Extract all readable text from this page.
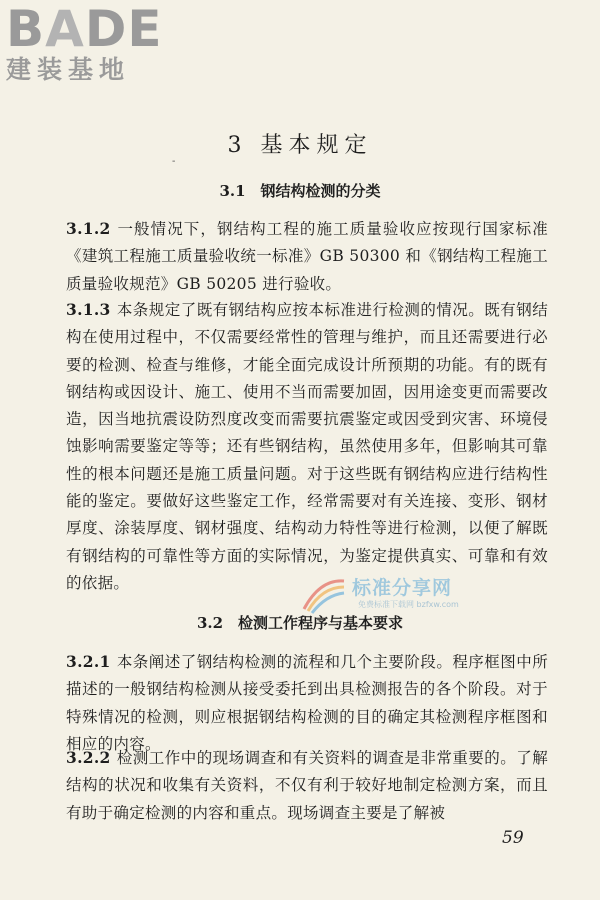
BADE
建装基地
3 基本规定
-
3.1　钢结构检测的分类
3.1.2 一般情况下，钢结构工程的施工质量验收应按现行国家标准《建筑工程施工质量验收统一标准》GB 50300 和《钢结构工程施工质量验收规范》GB 50205 进行验收。
3.1.3 本条规定了既有钢结构应按本标准进行检测的情况。既有钢结构在使用过程中，不仅需要经常性的管理与维护，而且还需要进行必要的检测、检查与维修，才能全面完成设计所预期的功能。有的既有钢结构或因设计、施工、使用不当而需要加固，因用途变更而需要改造，因当地抗震设防烈度改变而需要抗震鉴定或因受到灾害、环境侵蚀影响需要鉴定等等；还有些钢结构，虽然使用多年，但影响其可靠性的根本问题还是施工质量问题。对于这些既有钢结构应进行结构性能的鉴定。要做好这些鉴定工作，经常需要对有关连接、变形、钢材厚度、涂装厚度、钢材强度、结构动力特性等进行检测，以便了解既有钢结构的可靠性等方面的实际情况，为鉴定提供真实、可靠和有效的依据。	标准分享网
免费标准下载网 bzfxw.com
3.2　检测工作程序与基本要求
3.2.1 本条阐述了钢结构检测的流程和几个主要阶段。程序框图中所描述的一般钢结构检测从接受委托到出具检测报告的各个阶段。对于特殊情况的检测，则应根据钢结构检测的目的确定其检测程序框图和相应的内容。
3.2.2 检测工作中的现场调查和有关资料的调查是非常重要的。了解结构的状况和收集有关资料，不仅有利于较好地制定检测方案，而且有助于确定检测的内容和重点。现场调查主要是了解被
59
